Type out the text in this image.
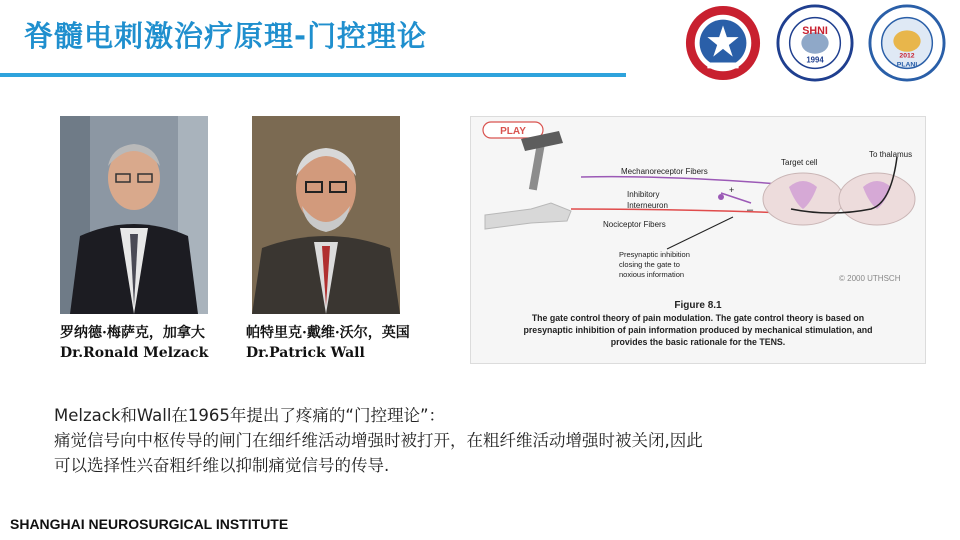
脊髓电刺激治疗原理-门控理论	SHNI
1994	2012
PLANI
罗纳德·梅萨克，加拿大
Dr.Ronald Melzack
帕特里克·戴维·沃尔，英国
Dr.Patrick Wall
PLAY
Mechanoreceptor Fibers
Inhibitory
Interneuron
Nociceptor Fibers
+
–
Target cell
To thalamus
Presynaptic inhibition
closing the gate to
noxious information	© 2000 UTHSCH
Figure 8.1
The gate control theory of pain modulation. The gate control theory is based on
presynaptic inhibition of pain information produced by mechanical stimulation, and
provides the basic rationale for the TENS.
Melzack和Wall在1965年提出了疼痛的“门控理论”：
痛觉信号向中枢传导的闸门在细纤维活动增强时被打开，在粗纤维活动增强时被关闭,因此
可以选择性兴奋粗纤维以抑制痛觉信号的传导.
SHANGHAI NEUROSURGICAL INSTITUTE
